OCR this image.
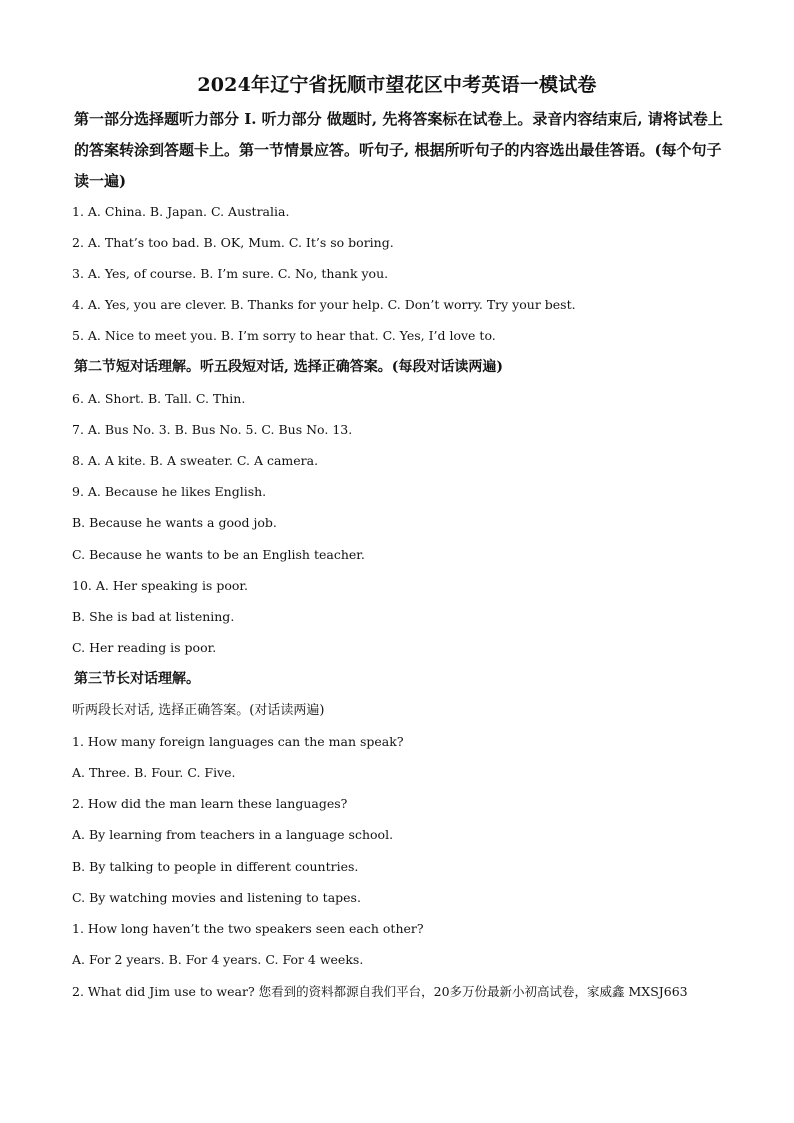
2024年辽宁省抚顺市望花区中考英语一模试卷
第一部分选择题听力部分 Ⅰ. 听力部分 做题时, 先将答案标在试卷上。录音内容结束后, 请将试卷上的答案转涂到答题卡上。第一节情景应答。听句子, 根据所听句子的内容选出最佳答语。(每个句子读一遍)
1. A. China. B. Japan. C. Australia.
2. A. That’s too bad. B. OK, Mum. C. It’s so boring.
3. A. Yes, of course. B. I’m sure. C. No, thank you.
4. A. Yes, you are clever. B. Thanks for your help. C. Don’t worry. Try your best.
5. A. Nice to meet you. B. I’m sorry to hear that. C. Yes, I’d love to.
第二节短对话理解。听五段短对话, 选择正确答案。(每段对话读两遍)
6. A. Short. B. Tall. C. Thin.
7. A. Bus No. 3. B. Bus No. 5. C. Bus No. 13.
8. A. A kite. B. A sweater. C. A camera.
9. A. Because he likes English.
B. Because he wants a good job.
C. Because he wants to be an English teacher.
10. A. Her speaking is poor.
B. She is bad at listening.
C. Her reading is poor.
第三节长对话理解。
听两段长对话, 选择正确答案。(对话读两遍)
1. How many foreign languages can the man speak?
A. Three. B. Four. C. Five.
2. How did the man learn these languages?
A. By learning from teachers in a language school.
B. By talking to people in different countries.
C. By watching movies and listening to tapes.
1. How long haven’t the two speakers seen each other?
A. For 2 years. B. For 4 years. C. For 4 weeks.
2. What did Jim use to wear? 您看到的资料都源自我们平台，20多万份最新小初高试卷，家威鑫 MXSJ663
